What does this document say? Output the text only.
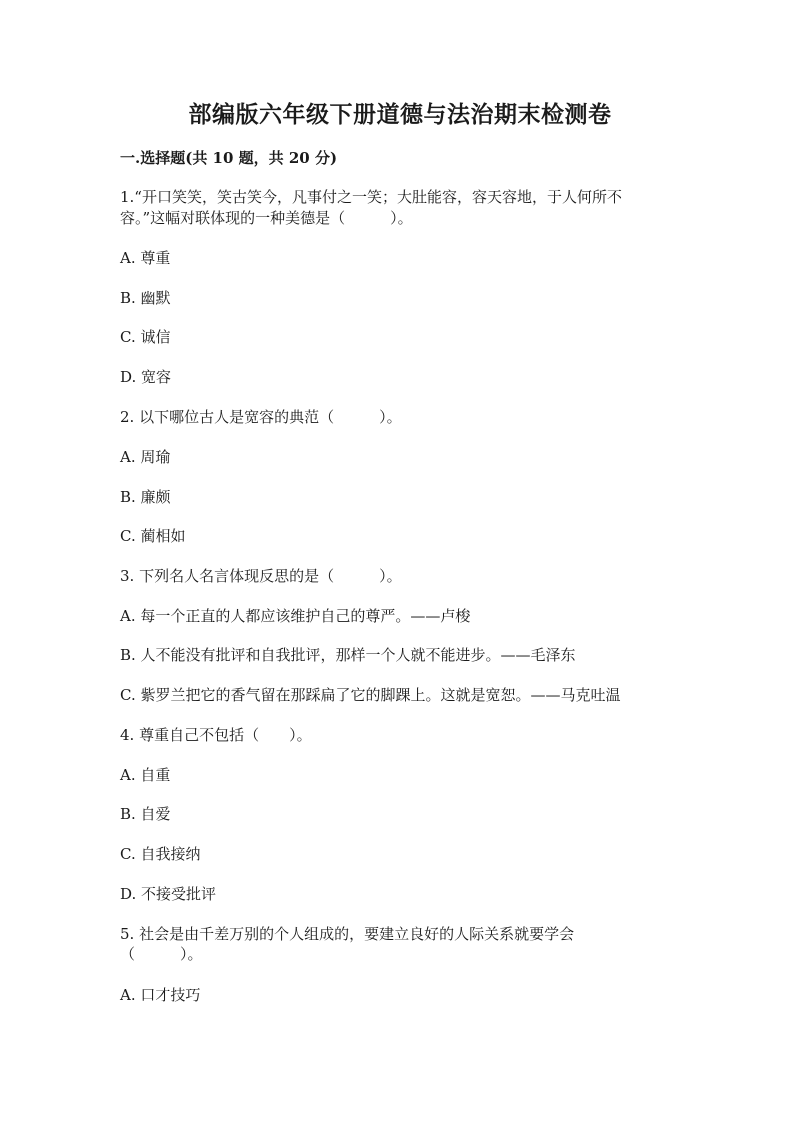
部编版六年级下册道德与法治期末检测卷
一.选择题(共 10 题，共 20 分)
1.“开口笑笑，笑古笑今，凡事付之一笑；大肚能容，容天容地，于人何所不
容。”这幅对联体现的一种美德是（　　　）。
A. 尊重
B. 幽默
C. 诚信
D. 宽容
2. 以下哪位古人是宽容的典范（　　　）。
A. 周瑜
B. 廉颇
C. 蔺相如
3. 下列名人名言体现反思的是（　　　）。
A. 每一个正直的人都应该维护自己的尊严。——卢梭
B. 人不能没有批评和自我批评，那样一个人就不能进步。——毛泽东
C. 紫罗兰把它的香气留在那踩扁了它的脚踝上。这就是宽恕。——马克吐温
4. 尊重自己不包括（　　）。
A. 自重
B. 自爱
C. 自我接纳
D. 不接受批评
5. 社会是由千差万别的个人组成的，要建立良好的人际关系就要学会
（　　　）。
A. 口才技巧
